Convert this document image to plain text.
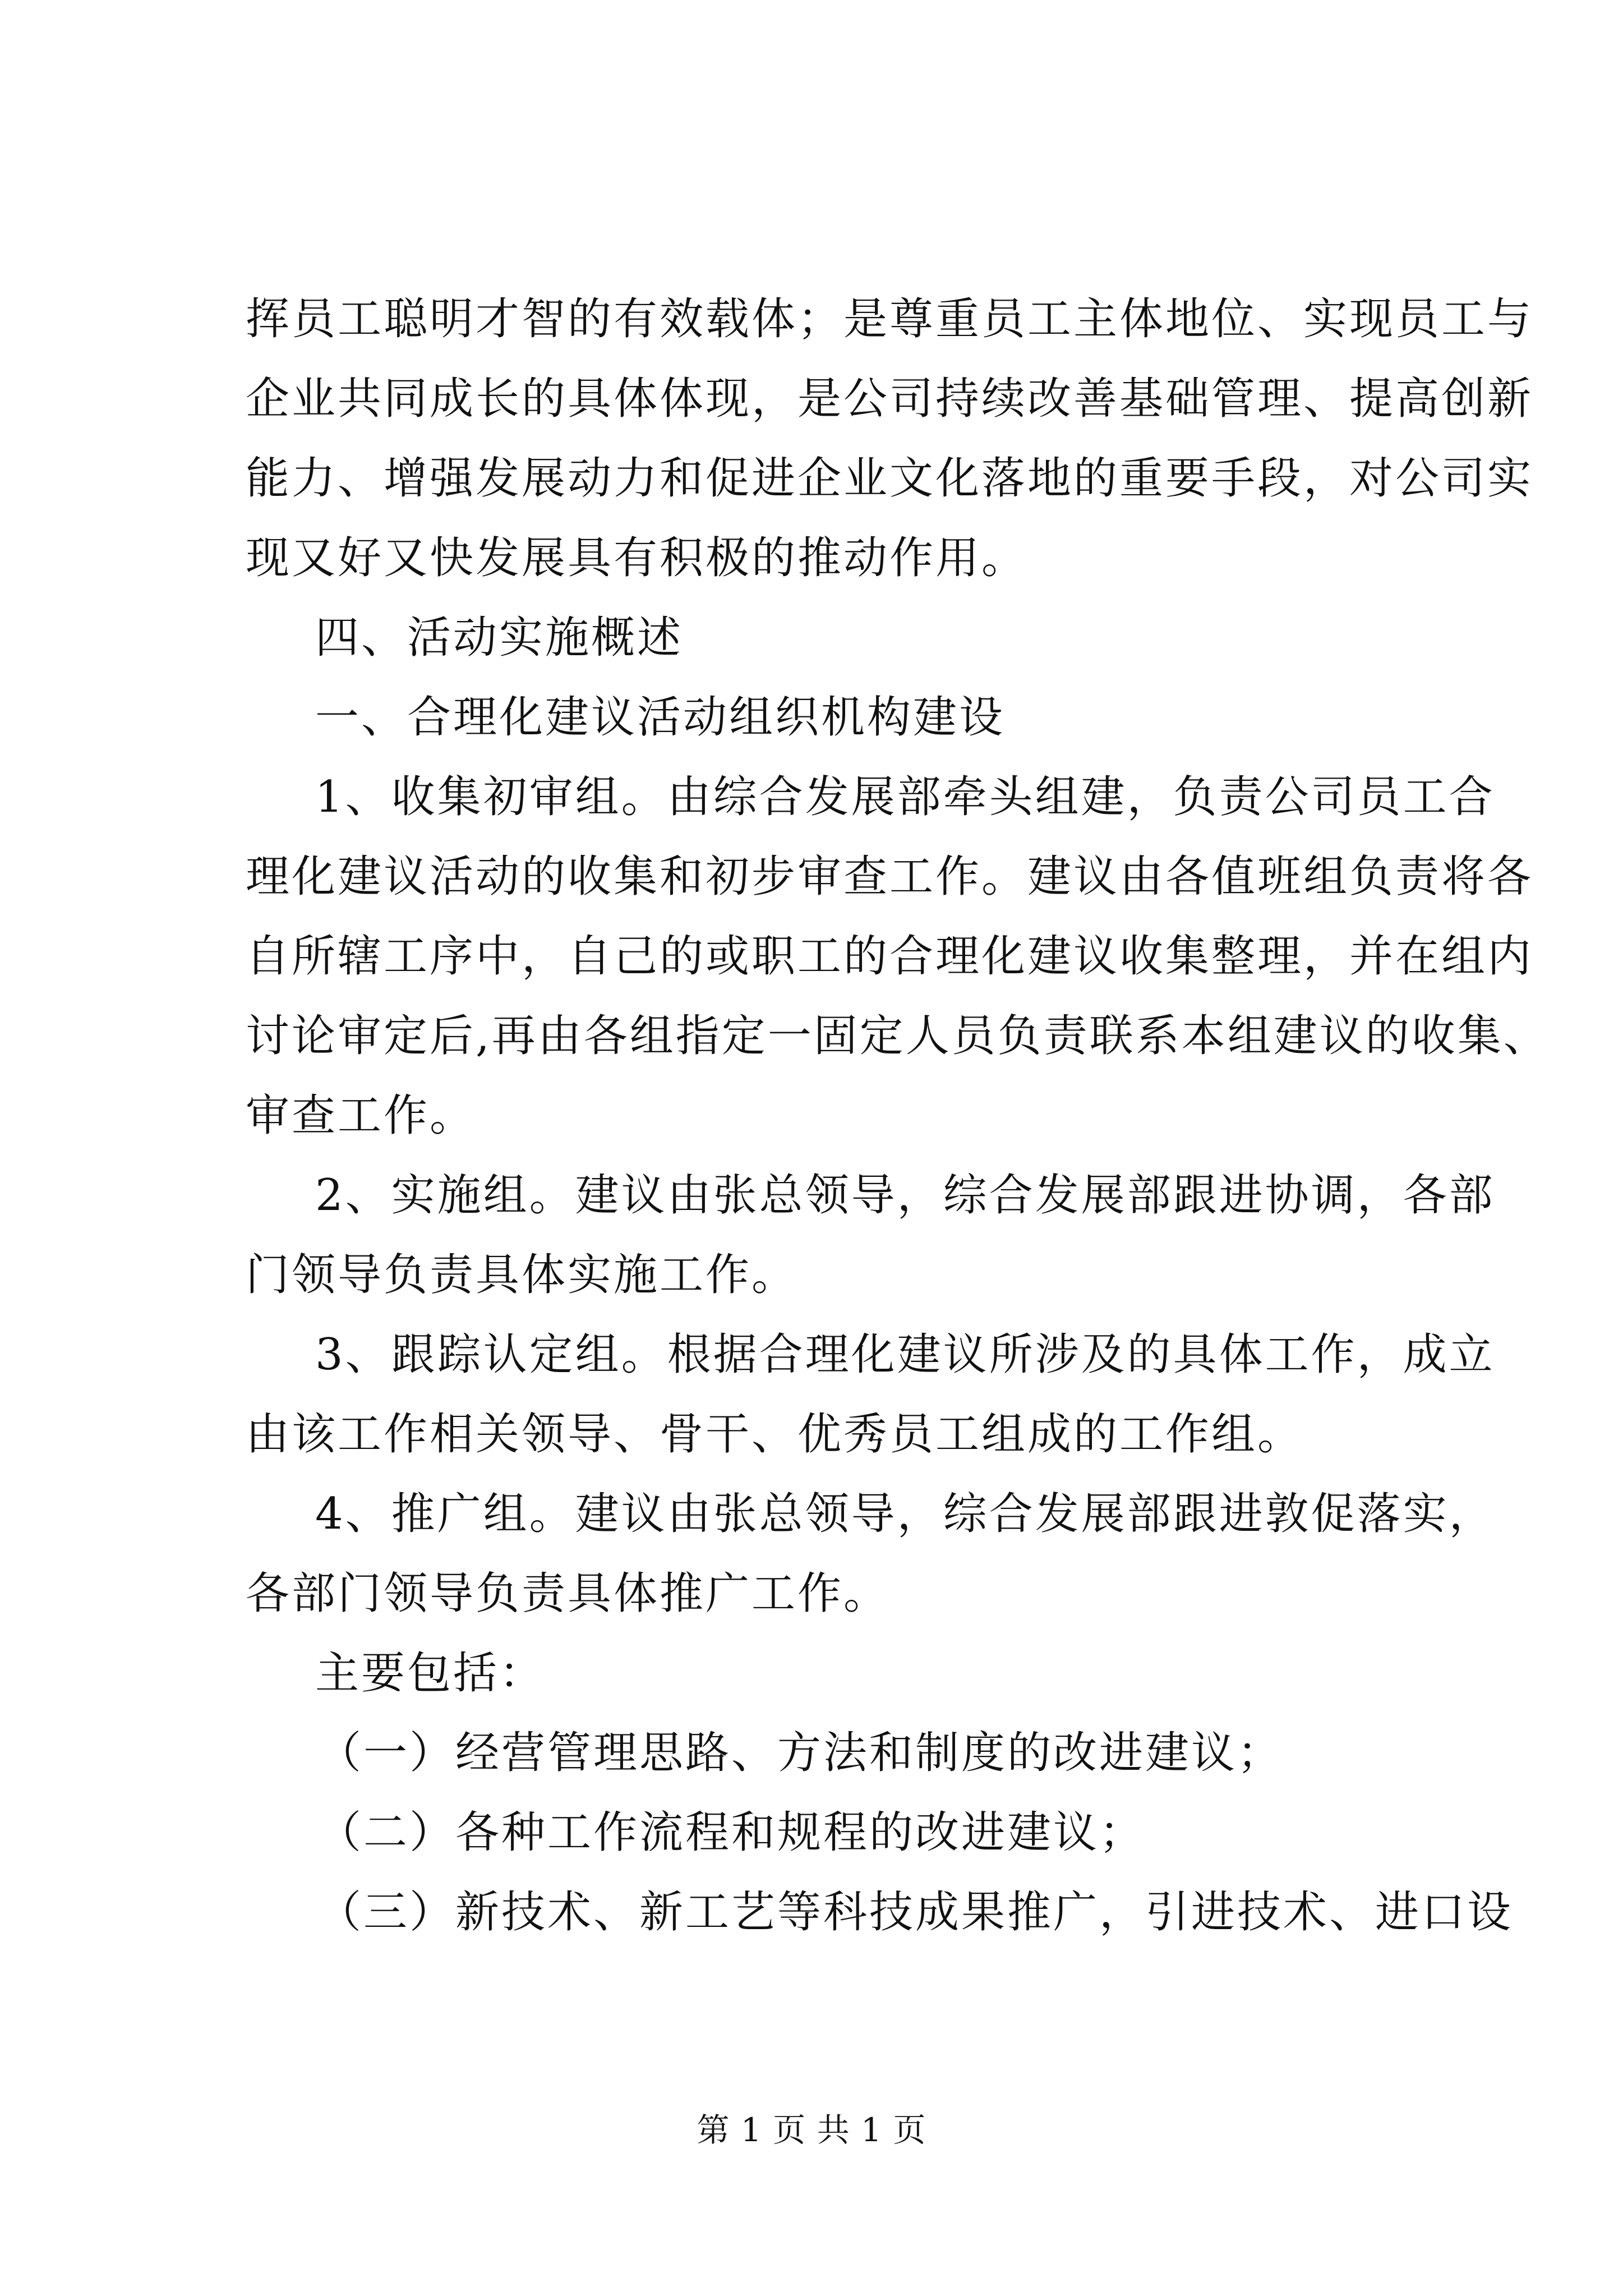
挥员工聪明才智的有效载体；是尊重员工主体地位、实现员工与
企业共同成长的具体体现，是公司持续改善基础管理、提高创新
能力、增强发展动力和促进企业文化落地的重要手段，对公司实
现又好又快发展具有积极的推动作用。
四、活动实施概述
一、合理化建议活动组织机构建设
1、收集初审组。由综合发展部牵头组建，负责公司员工合
理化建议活动的收集和初步审查工作。建议由各值班组负责将各
自所辖工序中，自己的或职工的合理化建议收集整理，并在组内
讨论审定后,再由各组指定一固定人员负责联系本组建议的收集、
审查工作。
2、实施组。建议由张总领导，综合发展部跟进协调，各部
门领导负责具体实施工作。
3、跟踪认定组。根据合理化建议所涉及的具体工作，成立
由该工作相关领导、骨干、优秀员工组成的工作组。
4、推广组。建议由张总领导，综合发展部跟进敦促落实，
各部门领导负责具体推广工作。
主要包括：
（一）经营管理思路、方法和制度的改进建议；
（二）各种工作流程和规程的改进建议；
（三）新技术、新工艺等科技成果推广，引进技术、进口设
第 1 页 共 1 页
